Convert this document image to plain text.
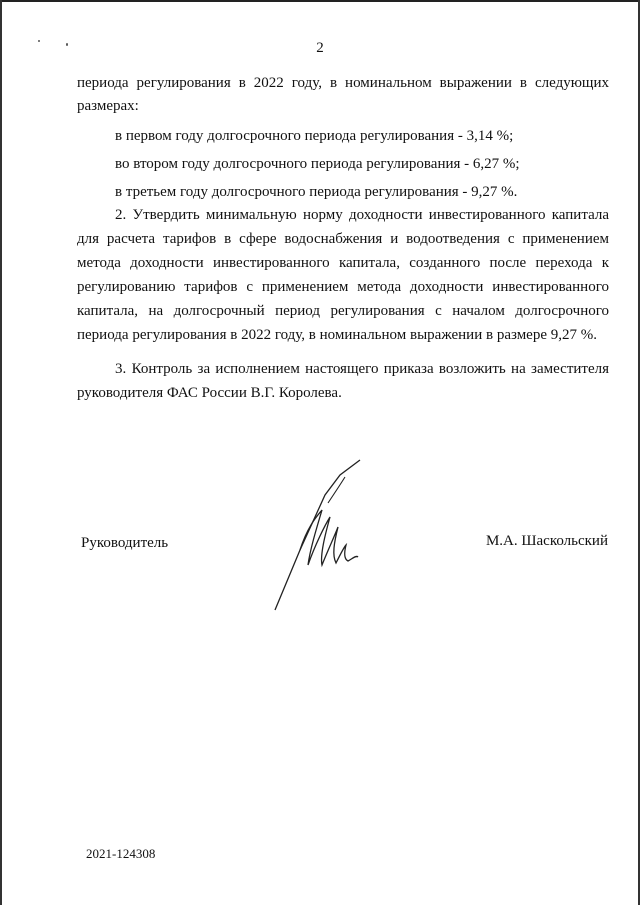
2
периода регулирования в 2022 году, в номинальном выражении в следующих
размерах:
в первом году долгосрочного периода регулирования - 3,14 %;
во втором году долгосрочного периода регулирования - 6,27 %;
в третьем году долгосрочного периода регулирования - 9,27 %.
2. Утвердить минимальную норму доходности инвестированного капитала
для расчета тарифов в сфере водоснабжения и водоотведения с применением
метода доходности инвестированного капитала, созданного после перехода к
регулированию тарифов с применением метода доходности инвестированного
капитала, на долгосрочный период регулирования с началом долгосрочного
периода регулирования в 2022 году, в номинальном выражении в размере 9,27 %.
3. Контроль за исполнением настоящего приказа возложить на заместителя
руководителя ФАС России В.Г. Королева.
Руководитель	М.А. Шаскольский
2021-124308
